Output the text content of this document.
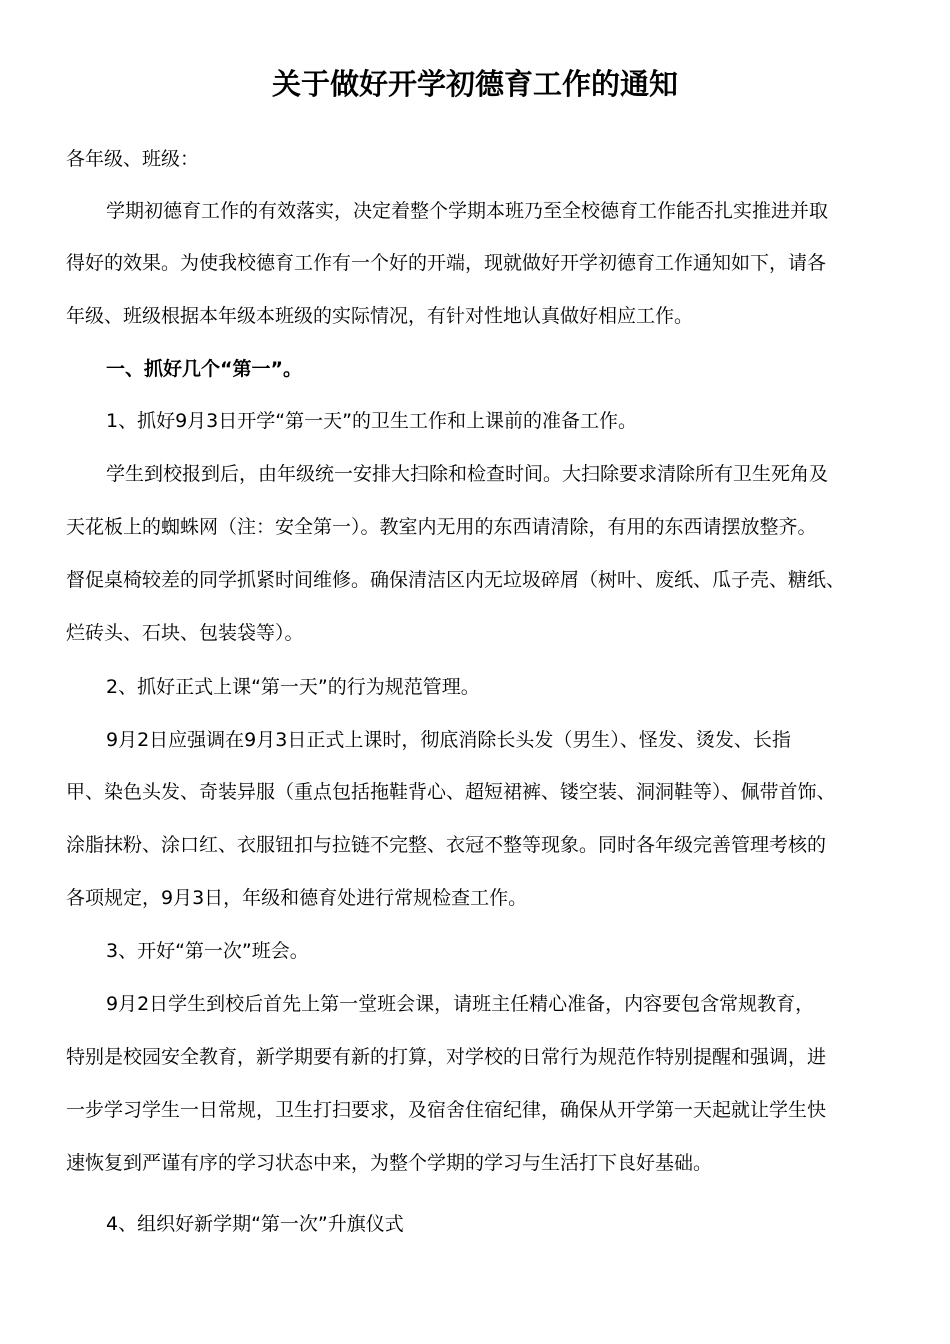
关于做好开学初德育工作的通知
各年级、班级：
学期初德育工作的有效落实，决定着整个学期本班乃至全校德育工作能否扎实推进并取
得好的效果。为使我校德育工作有一个好的开端，现就做好开学初德育工作通知如下，请各
年级、班级根据本年级本班级的实际情况，有针对性地认真做好相应工作。
一、抓好几个“第一”。
1、抓好9月3日开学“第一天”的卫生工作和上课前的准备工作。
学生到校报到后，由年级统一安排大扫除和检查时间。大扫除要求清除所有卫生死角及
天花板上的蜘蛛网（注：安全第一）。教室内无用的东西请清除，有用的东西请摆放整齐。
督促桌椅较差的同学抓紧时间维修。确保清洁区内无垃圾碎屑（树叶、废纸、瓜子壳、糖纸、
烂砖头、石块、包装袋等）。
2、抓好正式上课“第一天”的行为规范管理。
9月2日应强调在9月3日正式上课时，彻底消除长头发（男生）、怪发、烫发、长指
甲、染色头发、奇装异服（重点包括拖鞋背心、超短裙裤、镂空装、洞洞鞋等）、佩带首饰、
涂脂抹粉、涂口红、衣服钮扣与拉链不完整、衣冠不整等现象。同时各年级完善管理考核的
各项规定，9月3日，年级和德育处进行常规检查工作。
3、开好“第一次”班会。
9月2日学生到校后首先上第一堂班会课，请班主任精心准备，内容要包含常规教育，
特别是校园安全教育，新学期要有新的打算，对学校的日常行为规范作特别提醒和强调，进
一步学习学生一日常规，卫生打扫要求，及宿舍住宿纪律，确保从开学第一天起就让学生快
速恢复到严谨有序的学习状态中来，为整个学期的学习与生活打下良好基础。
4、组织好新学期“第一次”升旗仪式
